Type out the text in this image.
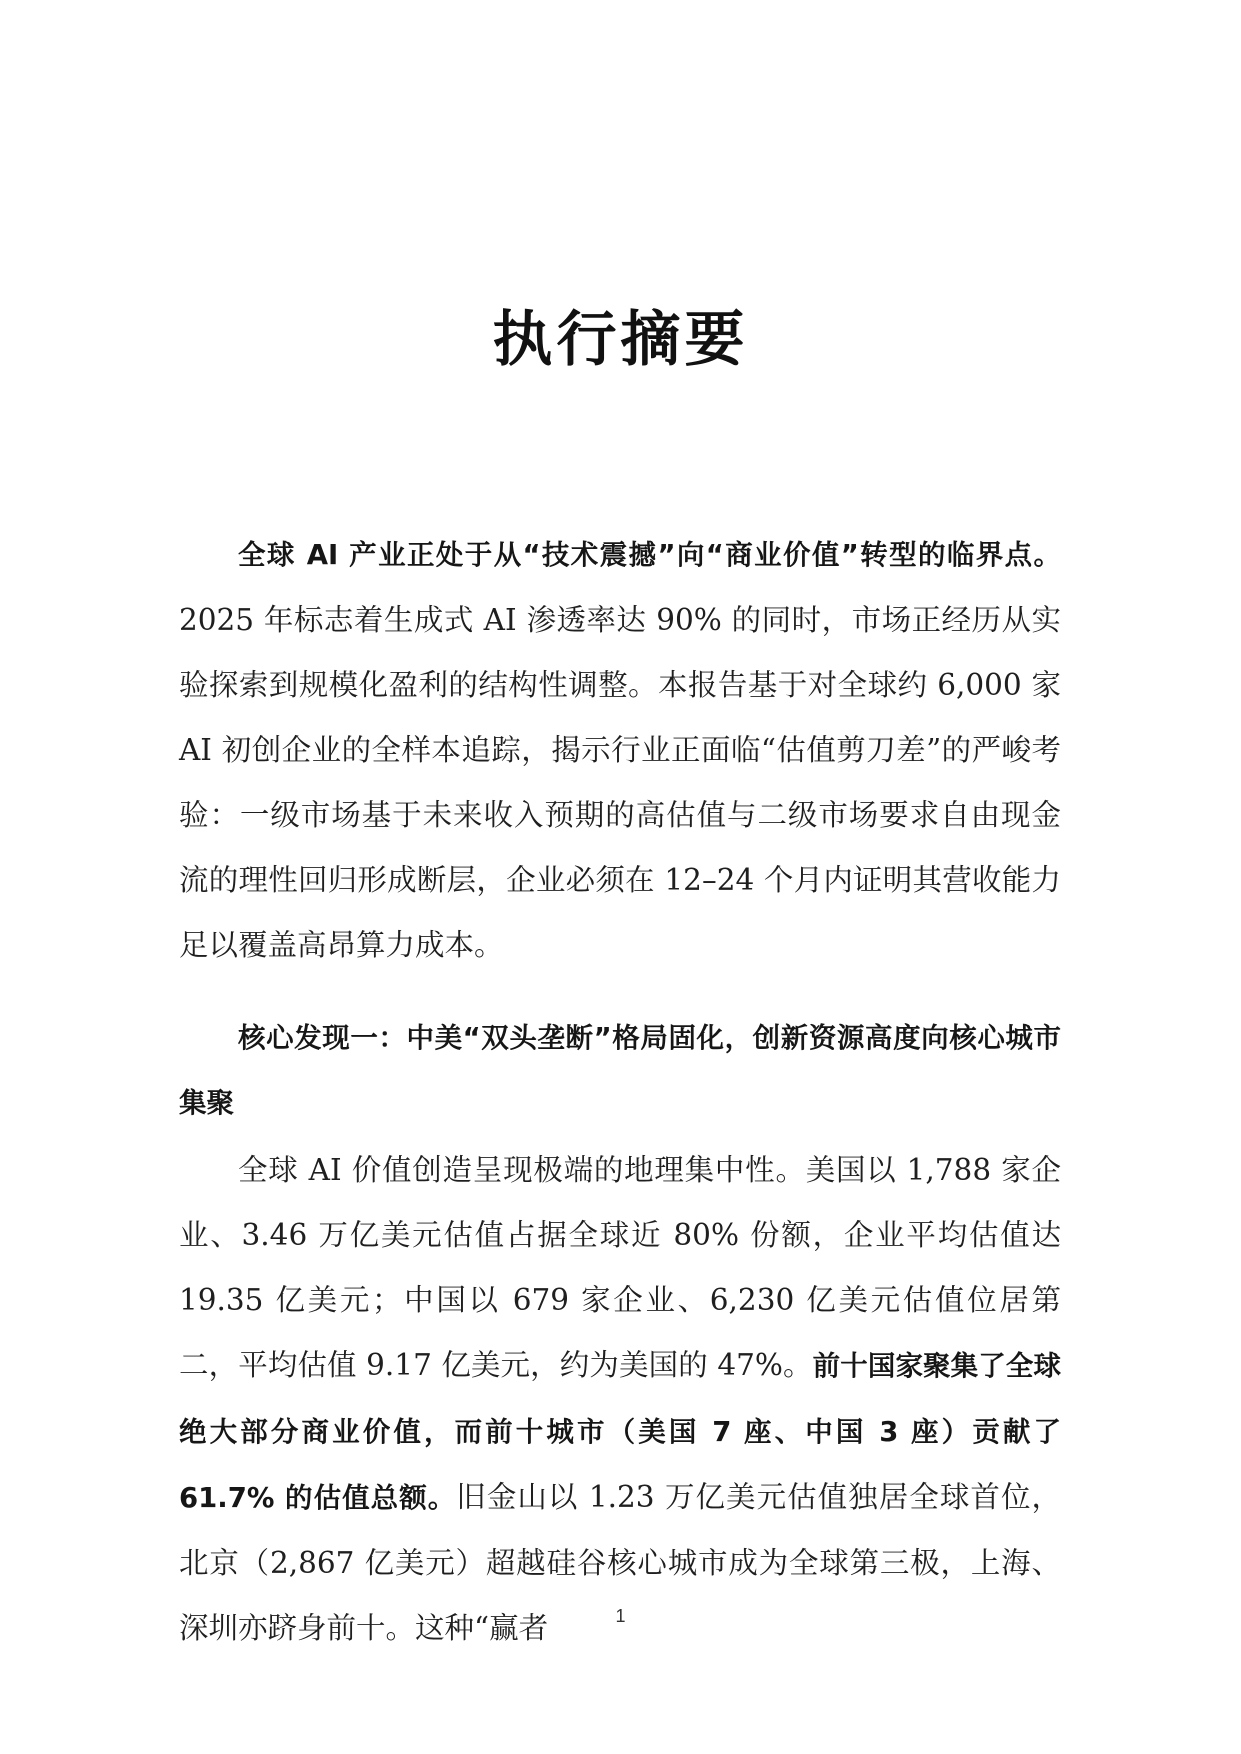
执行摘要
全球 AI 产业正处于从“技术震撼”向“商业价值”转型的临界点。2025 年标志着生成式 AI 渗透率达 90% 的同时，市场正经历从实验探索到规模化盈利的结构性调整。本报告基于对全球约 6,000 家 AI 初创企业的全样本追踪，揭示行业正面临“估值剪刀差”的严峻考验：一级市场基于未来收入预期的高估值与二级市场要求自由现金流的理性回归形成断层，企业必须在 12–24 个月内证明其营收能力足以覆盖高昂算力成本。
核心发现一：中美“双头垄断”格局固化，创新资源高度向核心城市集聚
全球 AI 价值创造呈现极端的地理集中性。美国以 1,788 家企业、3.46 万亿美元估值占据全球近 80% 份额，企业平均估值达 19.35 亿美元；中国以 679 家企业、6,230 亿美元估值位居第二，平均估值 9.17 亿美元，约为美国的 47%。前十国家聚集了全球绝大部分商业价值，而前十城市（美国 7 座、中国 3 座）贡献了 61.7% 的估值总额。旧金山以 1.23 万亿美元估值独居全球首位，北京（2,867 亿美元）超越硅谷核心城市成为全球第三极，上海、深圳亦跻身前十。这种“赢者	1
